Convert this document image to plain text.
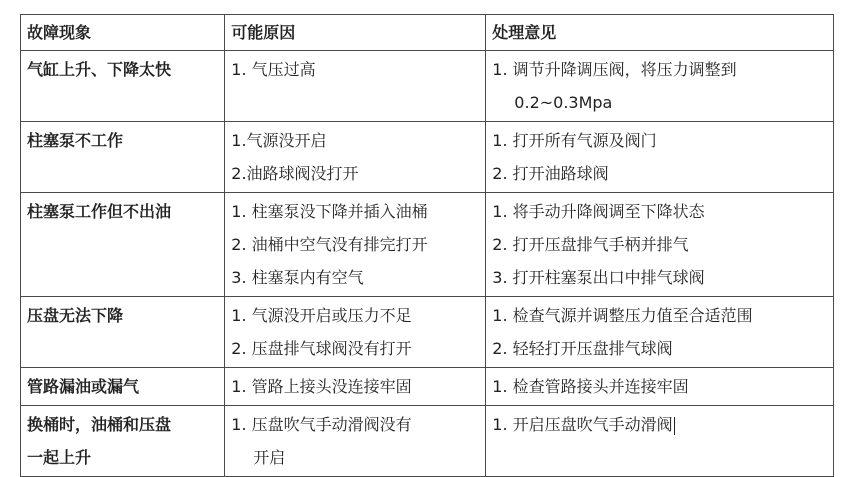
故障现象	可能原因	处理意见

气缸上升、下降太快	1. 气压过高	1. 调节升降调压阀，将压力调整到
0.2~0.3Mpa

柱塞泵不工作	1.气源没开启
2.油路球阀没打开	1. 打开所有气源及阀门
2. 打开油路球阀

柱塞泵工作但不出油	1. 柱塞泵没下降并插入油桶
2. 油桶中空气没有排完打开
3. 柱塞泵内有空气	1. 将手动升降阀调至下降状态
2. 打开压盘排气手柄并排气
3. 打开柱塞泵出口中排气球阀

压盘无法下降	1. 气源没开启或压力不足
2. 压盘排气球阀没有打开	1. 检查气源并调整压力值至合适范围
2. 轻轻打开压盘排气球阀

管路漏油或漏气	1. 管路上接头没连接牢固	1. 检查管路接头并连接牢固

换桶时，油桶和压盘
一起上升	1. 压盘吹气手动滑阀没有
开启	1. 开启压盘吹气手动滑阀
